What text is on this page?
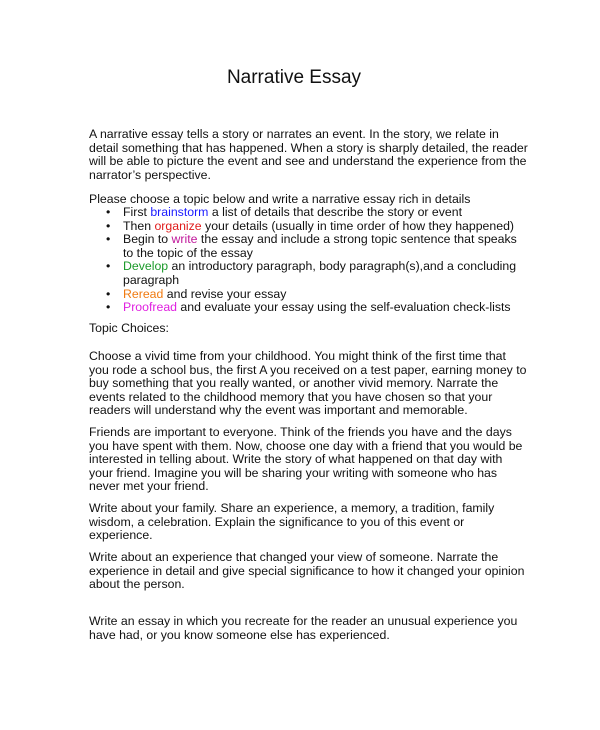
Narrative Essay

A narrative essay tells a story or narrates an event. In the story, we relate in detail something that has happened. When a story is sharply detailed, the reader will be able to picture the event and see and understand the experience from the narrator’s perspective.

Please choose a topic below and write a narrative essay rich in details

• First brainstorm a list of details that describe the story or event
• Then organize your details (usually in time order of how they happened)
• Begin to write the essay and include a strong topic sentence that speaks to the topic of the essay
• Develop an introductory paragraph, body paragraph(s),and a concluding paragraph
• Reread and revise your essay
• Proofread and evaluate your essay using the self-evaluation check-lists

Topic Choices:

Choose a vivid time from your childhood. You might think of the first time that you rode a school bus, the first A you received on a test paper, earning money to buy something that you really wanted, or another vivid memory. Narrate the events related to the childhood memory that you have chosen so that your readers will understand why the event was important and memorable.

Friends are important to everyone. Think of the friends you have and the days you have spent with them. Now, choose one day with a friend that you would be interested in telling about. Write the story of what happened on that day with your friend. Imagine you will be sharing your writing with someone who has never met your friend.

Write about your family. Share an experience, a memory, a tradition, family wisdom, a celebration. Explain the significance to you of this event or experience.

Write about an experience that changed your view of someone. Narrate the experience in detail and give special significance to how it changed your opinion about the person.

Write an essay in which you recreate for the reader an unusual experience you have had, or you know someone else has experienced.
